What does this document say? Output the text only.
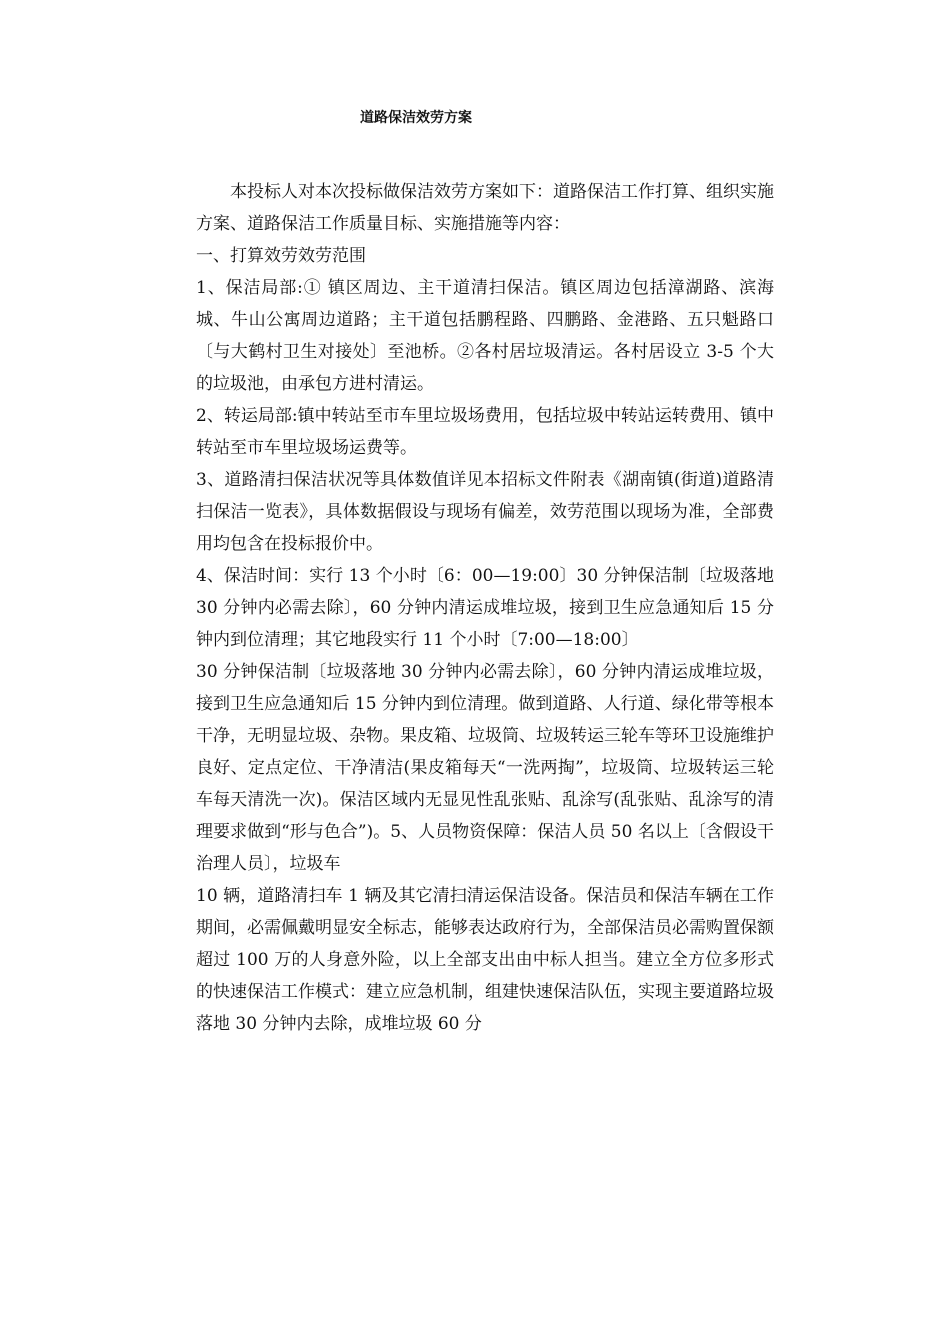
道路保洁效劳方案

本投标人对本次投标做保洁效劳方案如下：道路保洁工作打算、组织实施方案、道路保洁工作质量目标、实施措施等内容：

一、打算效劳效劳范围

1、保洁局部:① 镇区周边、主干道清扫保洁。镇区周边包括漳湖路、滨海城、牛山公寓周边道路；主干道包括鹏程路、四鹏路、金港路、五只魁路口〔与大鹤村卫生对接处〕至池桥。②各村居垃圾清运。各村居设立 3-5 个大的垃圾池，由承包方进村清运。

2、转运局部:镇中转站至市车里垃圾场费用，包括垃圾中转站运转费用、镇中转站至市车里垃圾场运费等。

3、道路清扫保洁状况等具体数值详见本招标文件附表《湖南镇(街道)道路清扫保洁一览表》，具体数据假设与现场有偏差，效劳范围以现场为准，全部费用均包含在投标报价中。

4、保洁时间：实行 13 个小时〔6：00—19:00〕30 分钟保洁制〔垃圾落地 30 分钟内必需去除〕，60 分钟内清运成堆垃圾，接到卫生应急通知后 15 分钟内到位清理；其它地段实行 11 个小时〔7:00—18:00〕

30 分钟保洁制〔垃圾落地 30 分钟内必需去除〕，60 分钟内清运成堆垃圾，接到卫生应急通知后 15 分钟内到位清理。做到道路、人行道、绿化带等根本干净，无明显垃圾、杂物。果皮箱、垃圾筒、垃圾转运三轮车等环卫设施维护良好、定点定位、干净清洁(果皮箱每天“一洗两掏”，垃圾筒、垃圾转运三轮车每天清洗一次)。保洁区域内无显见性乱张贴、乱涂写(乱张贴、乱涂写的清理要求做到“形与色合”)。5、人员物资保障：保洁人员 50 名以上〔含假设干治理人员〕，垃圾车

10 辆，道路清扫车 1 辆及其它清扫清运保洁设备。保洁员和保洁车辆在工作期间，必需佩戴明显安全标志，能够表达政府行为，全部保洁员必需购置保额超过 100 万的人身意外险，以上全部支出由中标人担当。建立全方位多形式的快速保洁工作模式：建立应急机制，组建快速保洁队伍，实现主要道路垃圾落地 30 分钟内去除，成堆垃圾 60 分
